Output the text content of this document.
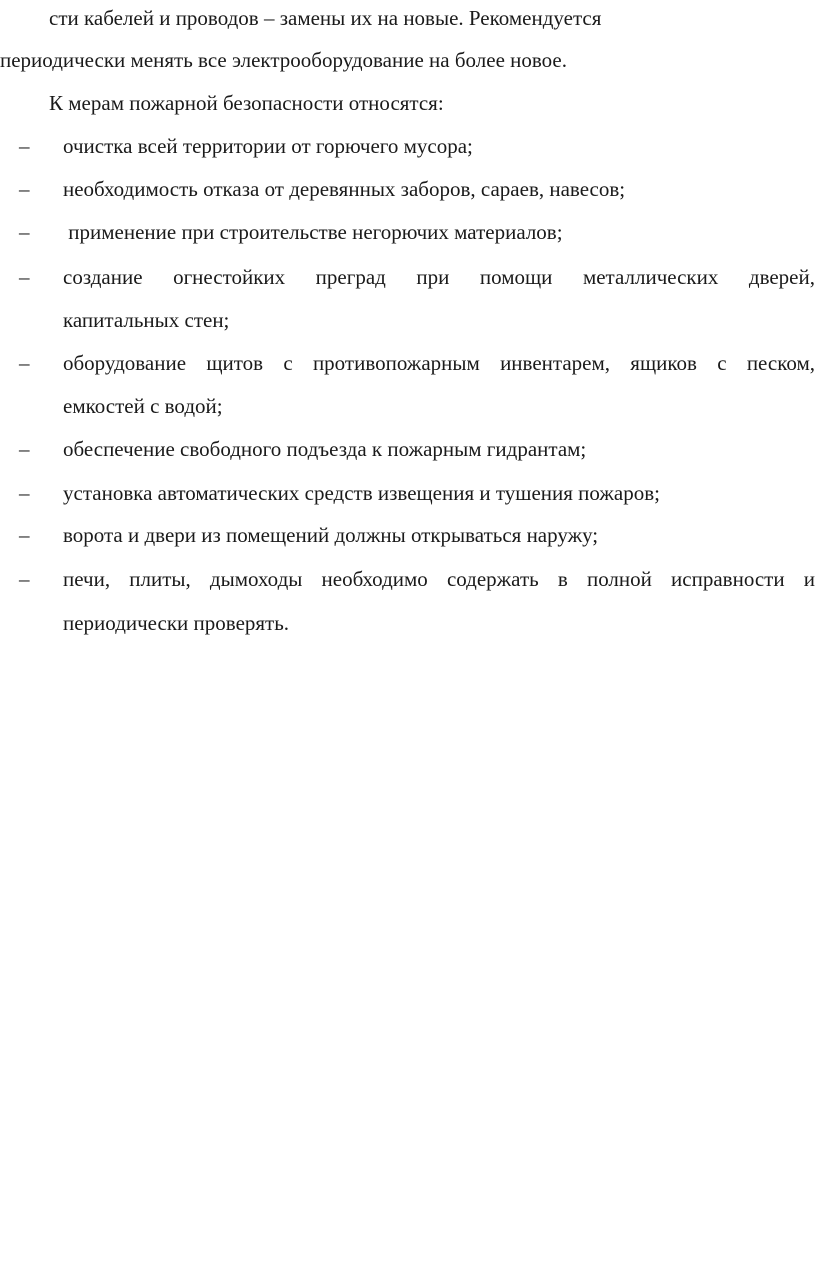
сти кабелей и проводов – замены их на новые. Рекомендуется
периодически менять все электрооборудование на более новое.
К мерам пожарной безопасности относятся:
– очистка всей территории от горючего мусора;
– необходимость отказа от деревянных заборов, сараев, навесов;
– применение при строительстве негорючих материалов;
– создание огнестойких преград при помощи металлических дверей,
капитальных стен;
– оборудование щитов с противопожарным инвентарем, ящиков с песком,
емкостей с водой;
– обеспечение свободного подъезда к пожарным гидрантам;
– установка автоматических средств извещения и тушения пожаров;
– ворота и двери из помещений должны открываться наружу;
– печи, плиты, дымоходы необходимо содержать в полной исправности и
периодически проверять.
